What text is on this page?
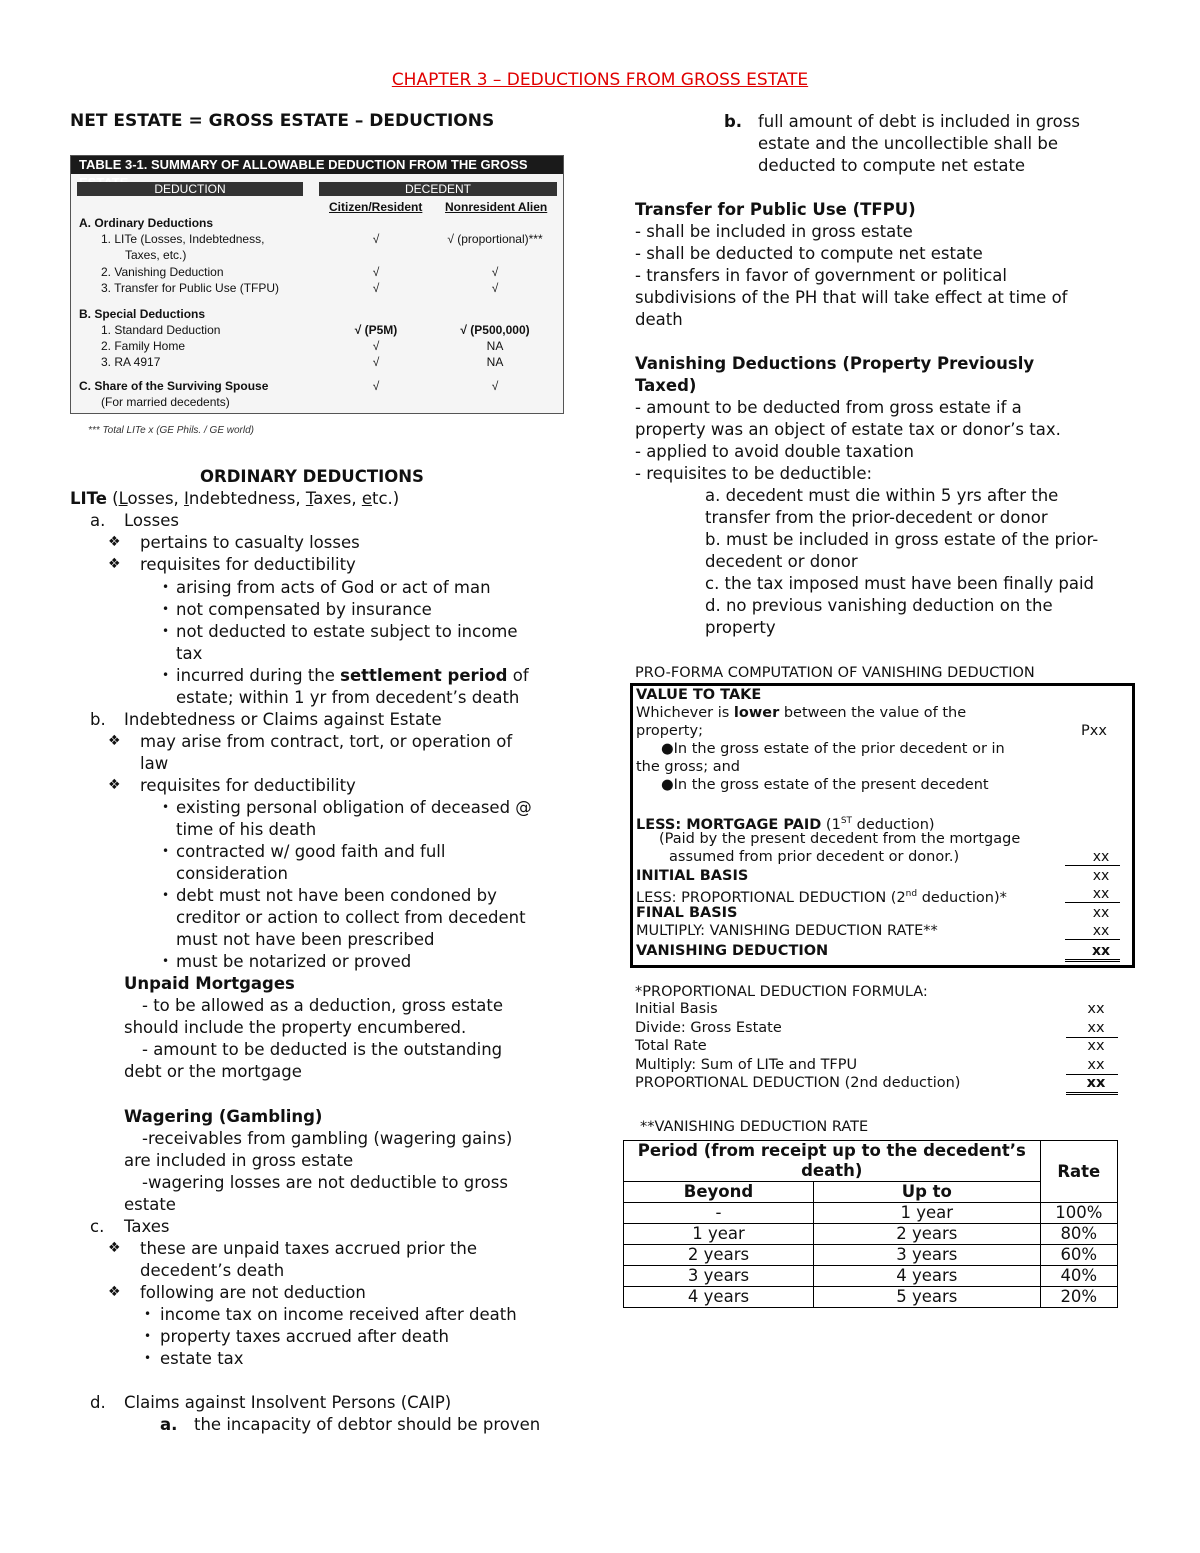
CHAPTER 3 – DEDUCTIONS FROM GROSS ESTATE
NET ESTATE = GROSS ESTATE – DEDUCTIONS
TABLE 3-1. SUMMARY OF ALLOWABLE DEDUCTION FROM THE GROSS
DEDUCTION	DECEDENT
Citizen/Resident Nonresident Alien
A. Ordinary Deductions
1. LITe (Losses, Indebtedness,	√	√ (proportional)***
Taxes, etc.)
2. Vanishing Deduction	√	√
3. Transfer for Public Use (TFPU)	√	√
B. Special Deductions
1. Standard Deduction	√ (P5M)	√ (P500,000)
2. Family Home	√	NA
3. RA 4917	√	NA
C. Share of the Surviving Spouse	√	√
(For married decedents)
*** Total LITe x (GE Phils. / GE world)
ORDINARY DEDUCTIONS
LITe (Losses, Indebtedness, Taxes, etc.)
a. Losses
❖ pertains to casualty losses
❖ requisites for deductibility
• arising from acts of God or act of man
• not compensated by insurance
• not deducted to estate subject to income
tax
• incurred during the settlement period of
estate; within 1 yr from decedent’s death
b. Indebtedness or Claims against Estate
❖ may arise from contract, tort, or operation of
law
❖ requisites for deductibility
• existing personal obligation of deceased @
time of his death
• contracted w/ good faith and full
consideration
• debt must not have been condoned by
creditor or action to collect from decedent
must not have been prescribed
• must be notarized or proved
Unpaid Mortgages
- to be allowed as a deduction, gross estate
should include the property encumbered.
- amount to be deducted is the outstanding
debt or the mortgage
Wagering (Gambling)
-receivables from gambling (wagering gains)
are included in gross estate
-wagering losses are not deductible to gross
estate
c. Taxes
❖ these are unpaid taxes accrued prior the
decedent’s death
❖ following are not deduction
• income tax on income received after death
• property taxes accrued after death
• estate tax
d. Claims against Insolvent Persons (CAIP)
a. the incapacity of debtor should be proven
b. full amount of debt is included in gross
estate and the uncollectible shall be
deducted to compute net estate
Transfer for Public Use (TFPU)
- shall be included in gross estate
- shall be deducted to compute net estate
- transfers in favor of government or political
subdivisions of the PH that will take effect at time of
death
Vanishing Deductions (Property Previously
Taxed)
- amount to be deducted from gross estate if a
property was an object of estate tax or donor’s tax.
- applied to avoid double taxation
- requisites to be deductible:
a. decedent must die within 5 yrs after the
transfer from the prior-decedent or donor
b. must be included in gross estate of the prior-
decedent or donor
c. the tax imposed must have been finally paid
d. no previous vanishing deduction on the
property
PRO-FORMA COMPUTATION OF VANISHING DEDUCTION
VALUE TO TAKE
Whichever is lower between the value of the
property;	Pxx
●In the gross estate of the prior decedent or in
the gross; and
●In the gross estate of the present decedent
LESS: MORTGAGE PAID (1ST deduction)
(Paid by the present decedent from the mortgage
assumed from prior decedent or donor.)	xx
INITIAL BASIS	xx
LESS: PROPORTIONAL DEDUCTION (2nd deduction)*	xx
FINAL BASIS	xx
MULTIPLY: VANISHING DEDUCTION RATE**	xx
VANISHING DEDUCTION	xx
*PROPORTIONAL DEDUCTION FORMULA:
Initial Basis	xx
Divide: Gross Estate	xx
Total Rate	xx
Multiply: Sum of LITe and TFPU	xx
PROPORTIONAL DEDUCTION (2nd deduction)	xx
**VANISHING DEDUCTION RATE
Period (from receipt up to the decedent’s death)		Rate
Beyond	Up to	
-	1 year	100%
1 year	2 years	80%
2 years	3 years	60%
3 years	4 years	40%
4 years	5 years	20%
